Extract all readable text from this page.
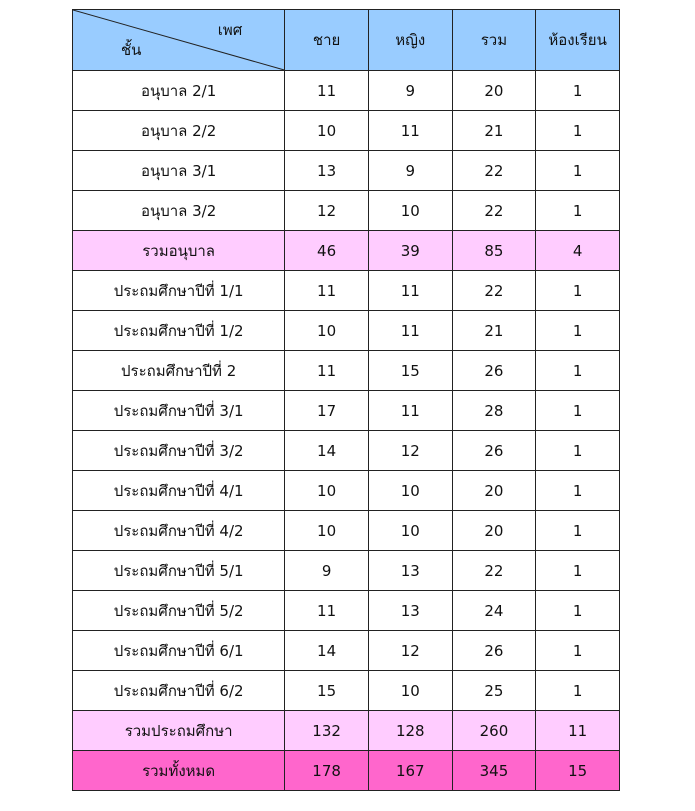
เพศ
ชั้น	ชาย	หญิง	รวม	ห้องเรียน
อนุบาล 2/1	11	9	20	1
อนุบาล 2/2	10	11	21	1
อนุบาล 3/1	13	9	22	1
อนุบาล 3/2	12	10	22	1
รวมอนุบาล	46	39	85	4
ประถมศึกษาปีที่ 1/1	11	11	22	1
ประถมศึกษาปีที่ 1/2	10	11	21	1
ประถมศึกษาปีที่ 2	11	15	26	1
ประถมศึกษาปีที่ 3/1	17	11	28	1
ประถมศึกษาปีที่ 3/2	14	12	26	1
ประถมศึกษาปีที่ 4/1	10	10	20	1
ประถมศึกษาปีที่ 4/2	10	10	20	1
ประถมศึกษาปีที่ 5/1	9	13	22	1
ประถมศึกษาปีที่ 5/2	11	13	24	1
ประถมศึกษาปีที่ 6/1	14	12	26	1
ประถมศึกษาปีที่ 6/2	15	10	25	1
รวมประถมศึกษา	132	128	260	11
รวมทั้งหมด	178	167	345	15
